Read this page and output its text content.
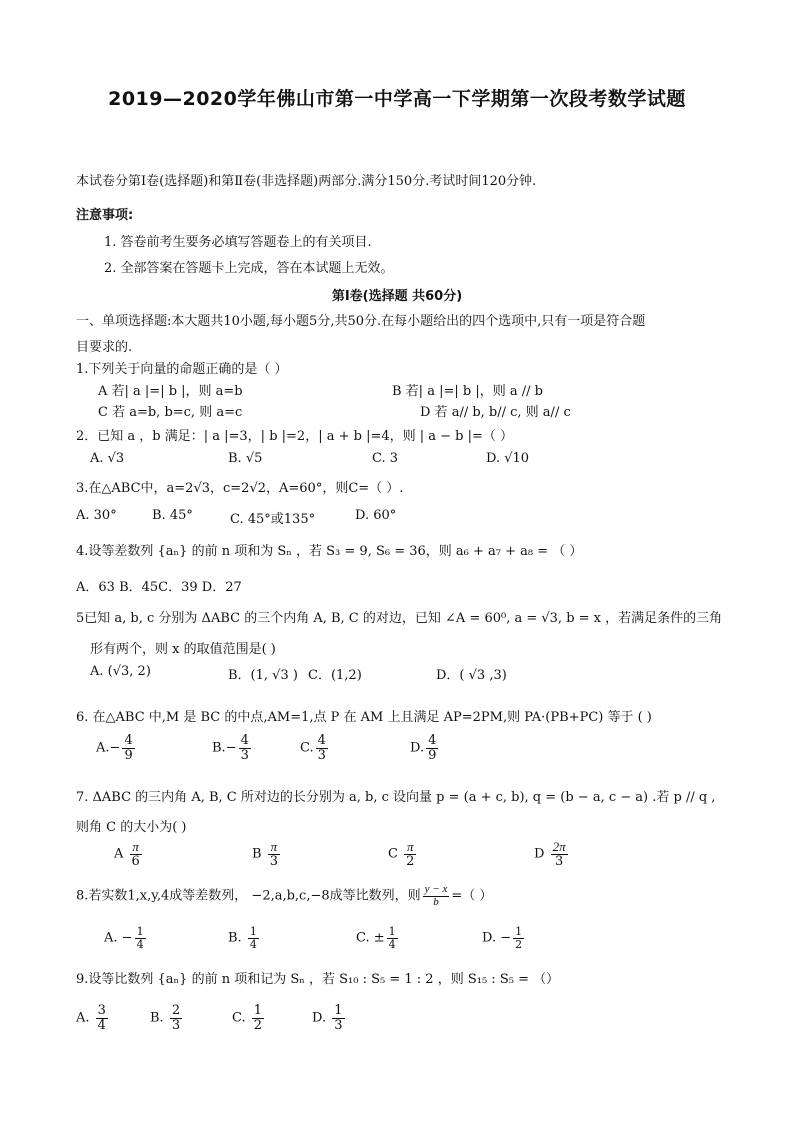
2019—2020学年佛山市第一中学高一下学期第一次段考数学试题
本试卷分第Ⅰ卷(选择题)和第Ⅱ卷(非选择题)两部分.满分150分.考试时间120分钟.
注意事项:
1. 答卷前考生要务必填写答题卷上的有关项目.
2. 全部答案在答题卡上完成，答在本试题上无效。
第Ⅰ卷(选择题 共60分)
一、单项选择题:本大题共10小题,每小题5分,共50分.在每小题给出的四个选项中,只有一项是符合题
目要求的.
1.下列关于向量的命题正确的是（ ）
A 若| a |=| b |，则 a=b	B 若| a |=| b |，则 a // b
C 若 a=b, b=c, 则 a=c	D 若 a// b, b// c, 则 a// c
2．已知 a ，b 满足：| a |=3，| b |=2，| a + b |=4，则 | a − b |=（ ）
A. √3	B. √5	C. 3	D. √10
3.在△ABC中，a=2√3，c=2√2，A=60°，则C=（ ）.
A. 30°	B. 45°	C. 45°或135°	D. 60°
4.设等差数列 {aₙ} 的前 n 项和为 Sₙ ，若 S₃ = 9, S₆ = 36，则 a₆ + a₇ + a₈ = （ ）
A．63 B．45C．39 D．27
5已知 a, b, c 分别为 ΔABC 的三个内角 A, B, C 的对边，已知 ∠A = 60⁰, a = √3, b = x ，若满足条件的三角
形有两个，则 x 的取值范围是( )
A. (√3, 2)	B．(1, √3 ) C．(1,2)	D．( √3 ,3)
6. 在△ABC 中,M 是 BC 的中点,AM=1,点 P 在 AM 上且满足 AP=2PM,则 PA·(PB+PC) 等于 ( )
$A.- \frac{4}{9}$	$B.- \frac{4}{3}$	C. $\frac{4}{3}$	D. $\frac{4}{9}$
7. ΔABC 的三内角 A, B, C 所对边的长分别为 a, b, c 设向量 p = (a + c, b), q = (b − a, c − a) .若 p // q ,
则角 C 的大小为( )
A $\frac{\pi}{6}$	B $\frac{\pi}{3}$	C $\frac{\pi}{2}$	D $\frac{2\pi}{3}$
8.若实数1,x,y,4成等差数列， −2,a,b,c,−8成等比数列，则 $\frac{y - x}{b}$ =（ ）
A. − $\frac{1}{4}$	B. $\frac{1}{4}$	C. ± $\frac{1}{4}$	D. − $\frac{1}{2}$
9.设等比数列 {aₙ} 的前 n 项和记为 Sₙ ，若 S₁₀ : S₅ = 1 : 2 ，则 S₁₅ : S₅ = （）
A. $\frac{3}{4}$	B. $\frac{2}{3}$	C. $\frac{1}{2}$	D. $\frac{1}{3}$
